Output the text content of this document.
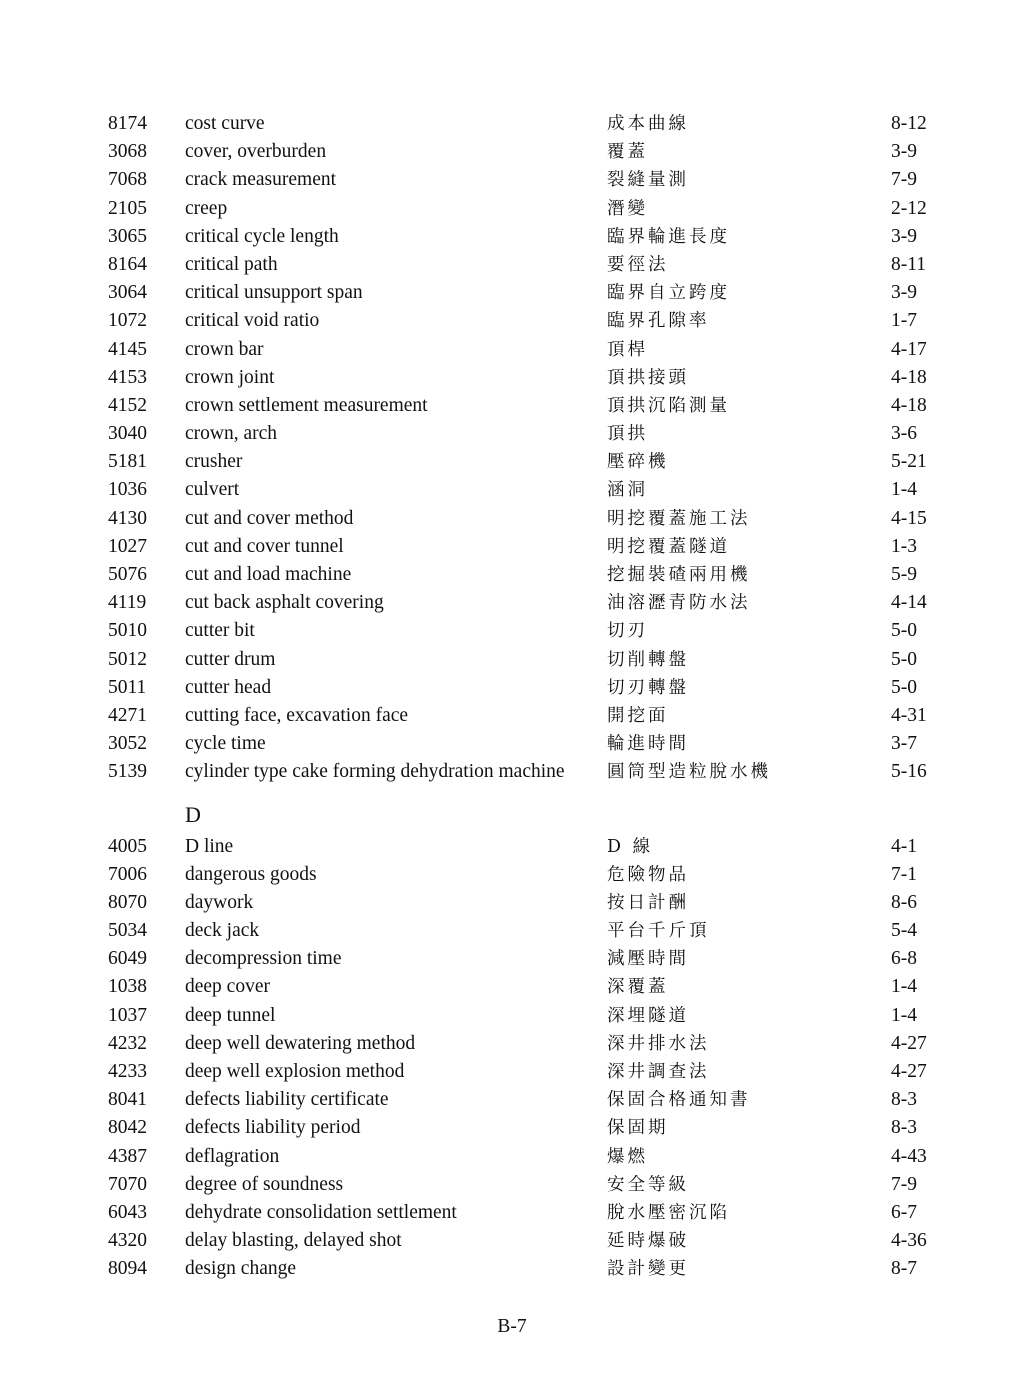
8174 cost curve	成本曲線	8-12
3068 cover, overburden	覆蓋	3-9
7068 crack measurement	裂縫量測	7-9
2105 creep	潛變	2-12
3065 critical cycle length	臨界輪進長度	3-9
8164 critical path	要徑法	8-11
3064 critical unsupport span	臨界自立跨度	3-9
1072 critical void ratio	臨界孔隙率	1-7
4145 crown bar	頂桿	4-17
4153 crown joint	頂拱接頭	4-18
4152 crown settlement measurement	頂拱沉陷測量	4-18
3040 crown, arch	頂拱	3-6
5181 crusher	壓碎機	5-21
1036 culvert	涵洞	1-4
4130 cut and cover method	明挖覆蓋施工法	4-15
1027 cut and cover tunnel	明挖覆蓋隧道	1-3
5076 cut and load machine	挖掘裝碴兩用機	5-9
4119 cut back asphalt covering	油溶瀝青防水法	4-14
5010 cutter bit	切刃	5-0
5012 cutter drum	切削轉盤	5-0
5011 cutter head	切刃轉盤	5-0
4271 cutting face, excavation face	開挖面	4-31
3052 cycle time	輪進時間	3-7
5139 cylinder type cake forming dehydration machine 圓筒型造粒脫水機	5-16
D
4005 D line	D 線	4-1
7006 dangerous goods	危險物品	7-1
8070 daywork	按日計酬	8-6
5034 deck jack	平台千斤頂	5-4
6049 decompression time	減壓時間	6-8
1038 deep cover	深覆蓋	1-4
1037 deep tunnel	深埋隧道	1-4
4232 deep well dewatering method	深井排水法	4-27
4233 deep well explosion method	深井調查法	4-27
8041 defects liability certificate	保固合格通知書	8-3
8042 defects liability period	保固期	8-3
4387 deflagration	爆燃	4-43
7070 degree of soundness	安全等級	7-9
6043 dehydrate consolidation settlement	脫水壓密沉陷	6-7
4320 delay blasting, delayed shot	延時爆破	4-36
8094 design change	設計變更	8-7
B-7
